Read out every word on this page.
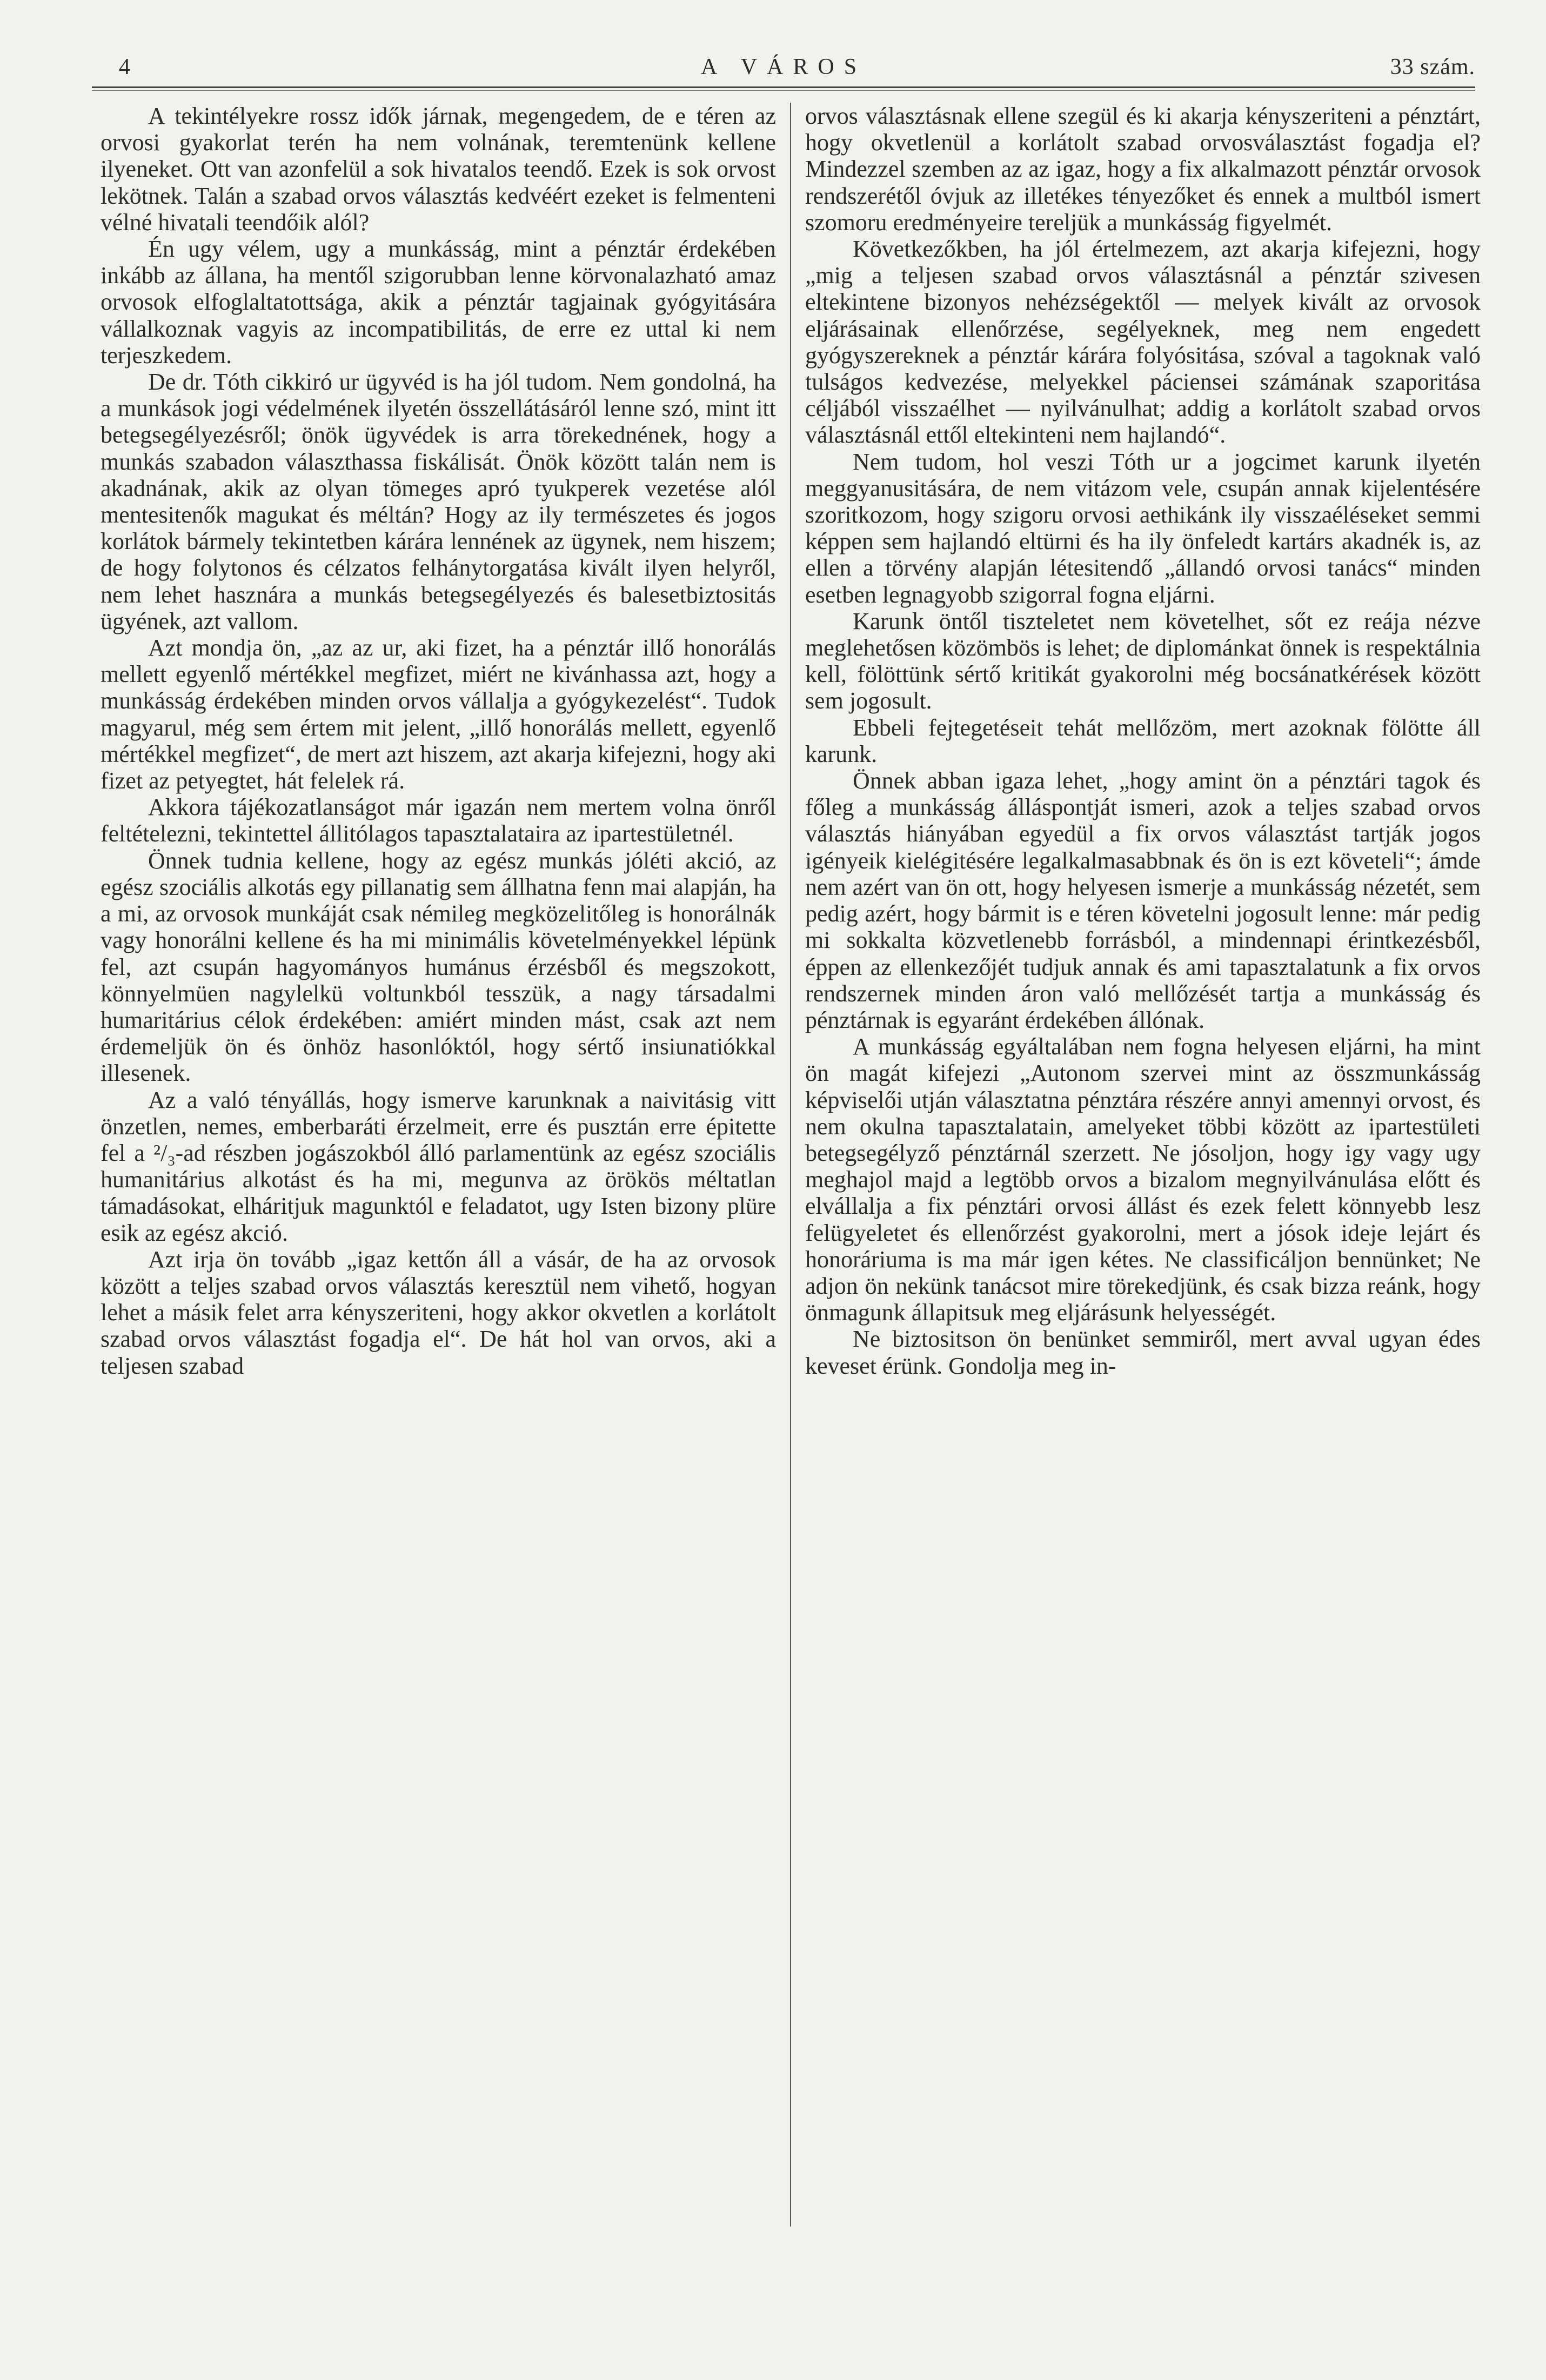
4	A VÁROS	33 szám.

A tekintélyekre rossz idők járnak, megengedem, de e téren az orvosi gyakorlat terén ha nem volnának, teremtenünk kellene ilyeneket. Ott van azonfelül a sok hivatalos teendő. Ezek is sok orvost lekötnek. Talán a szabad orvos választás kedvéért ezeket is felmenteni vélné hivatali teendőik alól?

Én ugy vélem, ugy a munkásság, mint a pénztár érdekében inkább az állana, ha mentől szigorubban lenne körvonalazható amaz orvosok elfoglaltatottsága, akik a pénztár tagjainak gyógyitására vállalkoznak vagyis az incompatibilitás, de erre ez uttal ki nem terjeszkedem.

De dr. Tóth cikkiró ur ügyvéd is ha jól tudom. Nem gondolná, ha a munkások jogi védelmének ilyetén összellátásáról lenne szó, mint itt betegsegélyezésről; önök ügyvédek is arra törekednének, hogy a munkás szabadon választhassa fiskálisát. Önök között talán nem is akadnának, akik az olyan tömeges apró tyukperek vezetése alól mentesitenők magukat és méltán? Hogy az ily természetes és jogos korlátok bármely tekintetben kárára lennének az ügynek, nem hiszem; de hogy folytonos és célzatos felhánytorgatása kivált ilyen helyről, nem lehet hasznára a munkás betegsegélyezés és balesetbiztositás ügyének, azt vallom.

Azt mondja ön, „az az ur, aki fizet, ha a pénztár illő honorálás mellett egyenlő mértékkel megfizet, miért ne kivánhassa azt, hogy a munkásság érdekében minden orvos vállalja a gyógykezelést“. Tudok magyarul, még sem értem mit jelent, „illő honorálás mellett, egyenlő mértékkel megfizet“, de mert azt hiszem, azt akarja kifejezni, hogy aki fizet az petyegtet, hát felelek rá.

Akkora tájékozatlanságot már igazán nem mertem volna önről feltételezni, tekintettel állitólagos tapasztalataira az ipartestületnél.

Önnek tudnia kellene, hogy az egész munkás jóléti akció, az egész szociális alkotás egy pillanatig sem állhatna fenn mai alapján, ha a mi, az orvosok munkáját csak némileg megközelitőleg is honorálnák vagy honorálni kellene és ha mi minimális követelményekkel lépünk fel, azt csupán hagyományos humánus érzésből és megszokott, könnyelmüen nagylelkü voltunkból tesszük, a nagy társadalmi humaritárius célok érdekében: amiért minden mást, csak azt nem érdemeljük ön és önhöz hasonlóktól, hogy sértő insiunatiókkal illesenek.

Az a való tényállás, hogy ismerve karunknak a naivitásig vitt önzetlen, nemes, emberbaráti érzelmeit, erre és pusztán erre épitette fel a ²/₃-ad részben jogászokból álló parlamentünk az egész szociális humanitárius alkotást és ha mi, megunva az örökös méltatlan támadásokat, elháritjuk magunktól e feladatot, ugy Isten bizony plüre esik az egész akció.

Azt irja ön tovább „igaz kettőn áll a vásár, de ha az orvosok között a teljes szabad orvos választás keresztül nem vihető, hogyan lehet a másik felet arra kényszeriteni, hogy akkor okvetlen a korlátolt szabad orvos választást fogadja el“. De hát hol van orvos, aki a teljesen szabad

orvos választásnak ellene szegül és ki akarja kényszeriteni a pénztárt, hogy okvetlenül a korlátolt szabad orvosválasztást fogadja el? Mindezzel szemben az az igaz, hogy a fix alkalmazott pénztár orvosok rendszerétől óvjuk az illetékes tényezőket és ennek a multból ismert szomoru eredményeire tereljük a munkásság figyelmét.

Következőkben, ha jól értelmezem, azt akarja kifejezni, hogy „mig a teljesen szabad orvos választásnál a pénztár szivesen eltekintene bizonyos nehézségektől — melyek kivált az orvosok eljárásainak ellenőrzése, segélyeknek, meg nem engedett gyógyszereknek a pénztár kárára folyósitása, szóval a tagoknak való tulságos kedvezése, melyekkel páciensei számának szaporitása céljából visszaélhet — nyilvánulhat; addig a korlátolt szabad orvos választásnál ettől eltekinteni nem hajlandó“.

Nem tudom, hol veszi Tóth ur a jogcimet karunk ilyetén meggyanusitására, de nem vitázom vele, csupán annak kijelentésére szoritkozom, hogy szigoru orvosi aethikánk ily visszaéléseket semmi képpen sem hajlandó eltürni és ha ily önfeledt kartárs akadnék is, az ellen a törvény alapján létesitendő „állandó orvosi tanács“ minden esetben legnagyobb szigorral fogna eljárni.

Karunk öntől tiszteletet nem követelhet, sőt ez reája nézve meglehetősen közömbös is lehet; de diplománkat önnek is respektálnia kell, fölöttünk sértő kritikát gyakorolni még bocsánatkérések között sem jogosult.

Ebbeli fejtegetéseit tehát mellőzöm, mert azoknak fölötte áll karunk.

Önnek abban igaza lehet, „hogy amint ön a pénztári tagok és főleg a munkásság álláspontját ismeri, azok a teljes szabad orvos választás hiányában egyedül a fix orvos választást tartják jogos igényeik kielégitésére legalkalmasabbnak és ön is ezt követeli“; ámde nem azért van ön ott, hogy helyesen ismerje a munkásság nézetét, sem pedig azért, hogy bármit is e téren követelni jogosult lenne: már pedig mi sokkalta közvetlenebb forrásból, a mindennapi érintkezésből, éppen az ellenkezőjét tudjuk annak és ami tapasztalatunk a fix orvos rendszernek minden áron való mellőzését tartja a munkásság és pénztárnak is egyaránt érdekében állónak.

A munkásság egyáltalában nem fogna helyesen eljárni, ha mint ön magát kifejezi „Autonom szervei mint az összmunkásság képviselői utján választatna pénztára részére annyi amennyi orvost, és nem okulna tapasztalatain, amelyeket többi között az ipartestületi betegsegélyző pénztárnál szerzett. Ne jósoljon, hogy igy vagy ugy meghajol majd a legtöbb orvos a bizalom megnyilvánulása előtt és elvállalja a fix pénztári orvosi állást és ezek felett könnyebb lesz felügyeletet és ellenőrzést gyakorolni, mert a jósok ideje lejárt és honoráriuma is ma már igen kétes. Ne classificáljon bennünket; Ne adjon ön nekünk tanácsot mire törekedjünk, és csak bizza reánk, hogy önmagunk állapitsuk meg eljárásunk helyességét.

Ne biztositson ön benünket semmiről, mert avval ugyan édes keveset érünk. Gondolja meg in-
